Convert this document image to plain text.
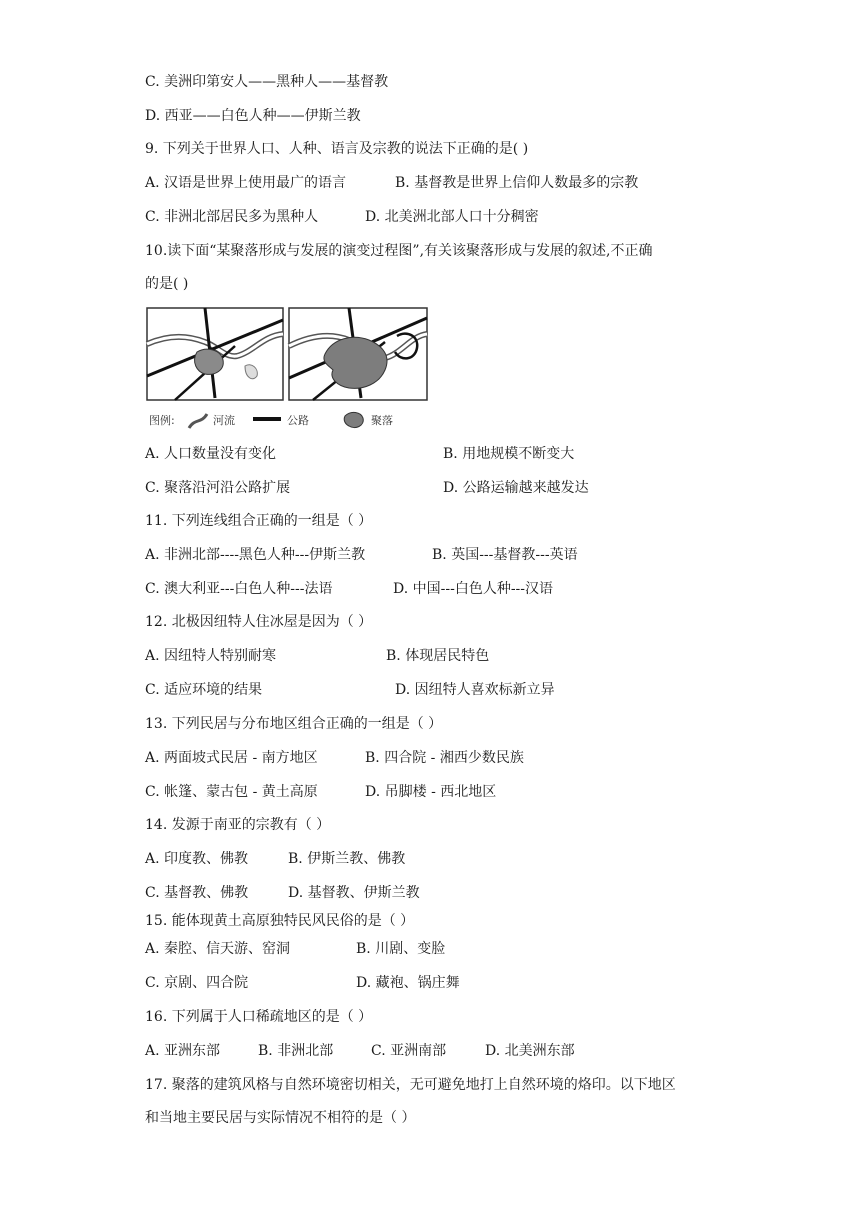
C. 美洲印第安人——黑种人——基督教
D. 西亚——白色人种——伊斯兰教
9. 下列关于世界人口、人种、语言及宗教的说法下正确的是( )
A. 汉语是世界上使用最广的语言	B. 基督教是世界上信仰人数最多的宗教
C. 非洲北部居民多为黑种人	D. 北美洲北部人口十分稠密
10.读下面“某聚落形成与发展的演变过程图”,有关该聚落形成与发展的叙述,不正确
的是( )
图例:	河流	公路	聚落
A. 人口数量没有变化	B. 用地规模不断变大
C. 聚落沿河沿公路扩展	D. 公路运输越来越发达
11. 下列连线组合正确的一组是（ ）
A. 非洲北部----黑色人种---伊斯兰教	B. 英国---基督教---英语
C. 澳大利亚---白色人种---法语	D. 中国---白色人种---汉语
12. 北极因纽特人住冰屋是因为（ ）
A. 因纽特人特别耐寒	B. 体现居民特色
C. 适应环境的结果	D. 因纽特人喜欢标新立异
13. 下列民居与分布地区组合正确的一组是（ ）
A. 两面坡式民居 - 南方地区	B. 四合院 - 湘西少数民族
C. 帐篷、蒙古包 - 黄土高原	D. 吊脚楼 - 西北地区
14. 发源于南亚的宗教有（ ）
A. 印度教、佛教	B. 伊斯兰教、佛教
C. 基督教、佛教	D. 基督教、伊斯兰教
15. 能体现黄土高原独特民风民俗的是（ ）
A. 秦腔、信天游、窑洞	B. 川剧、变脸
C. 京剧、四合院	D. 藏袍、锅庄舞
16. 下列属于人口稀疏地区的是（ ）
A. 亚洲东部	B. 非洲北部	C. 亚洲南部	D. 北美洲东部
17. 聚落的建筑风格与自然环境密切相关，无可避免地打上自然环境的烙印。以下地区
和当地主要民居与实际情况不相符的是（ ）
